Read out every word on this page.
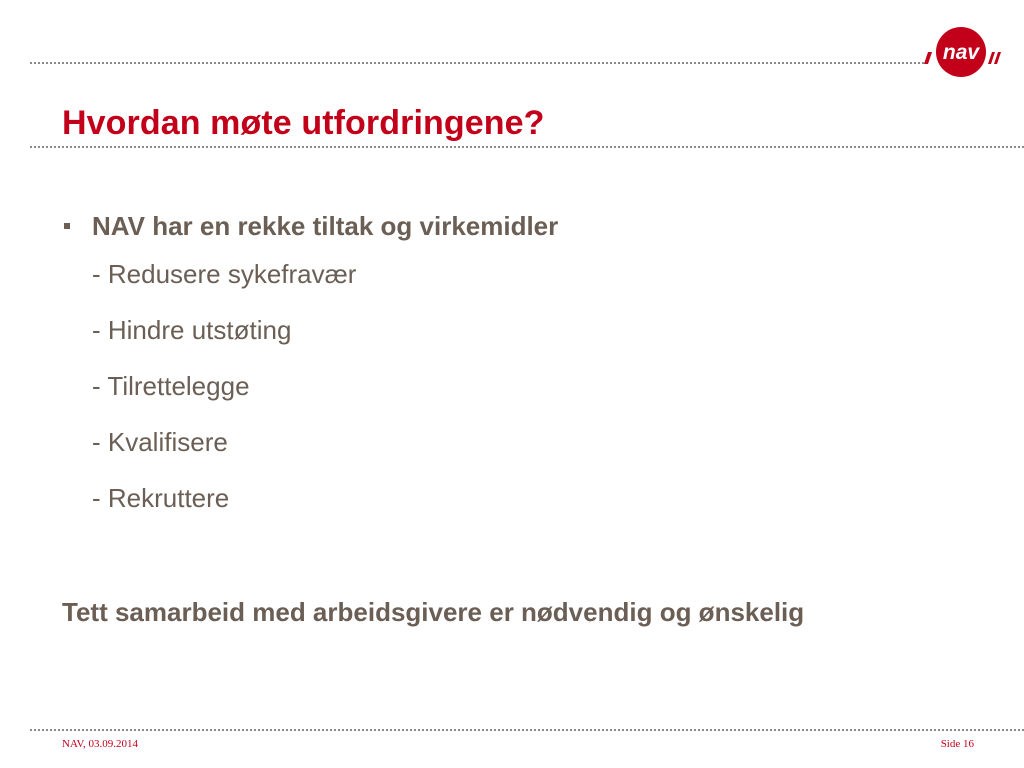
nav
Hvordan møte utfordringene?
NAV har en rekke tiltak og virkemidler
- Redusere sykefravær
- Hindre utstøting
- Tilrettelegge
- Kvalifisere
- Rekruttere

Tett samarbeid med arbeidsgivere er nødvendig og ønskelig

NAV, 03.09.2014	Side 16
